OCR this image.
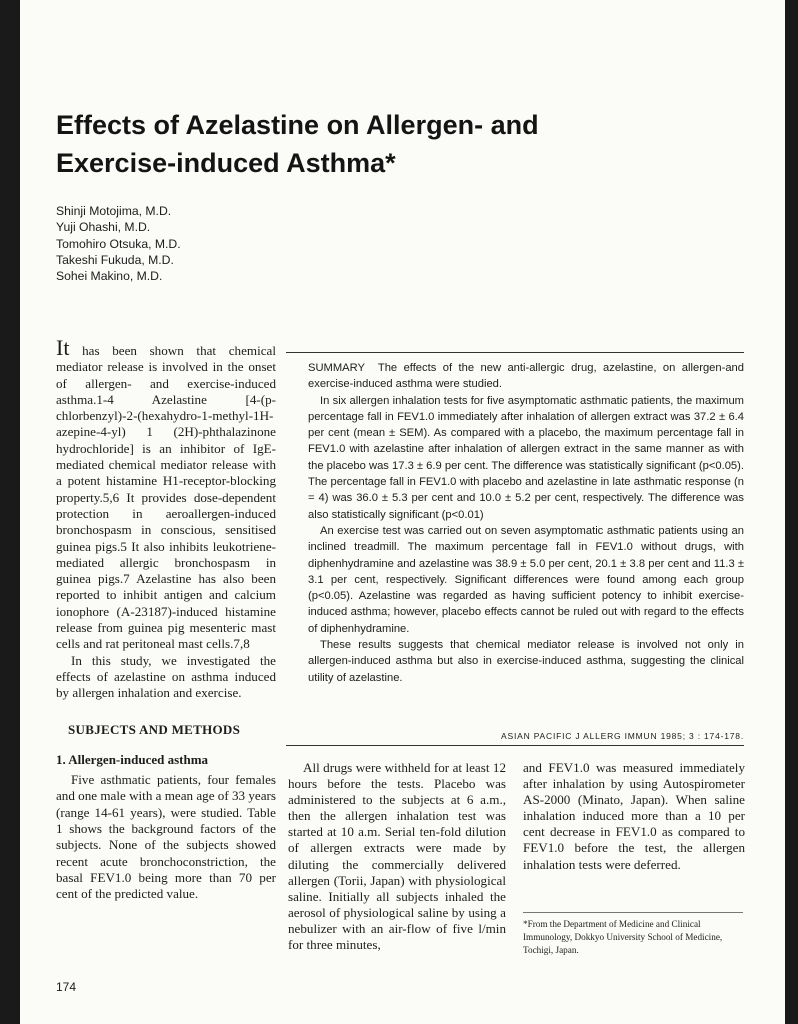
Effects of Azelastine on Allergen- and Exercise-induced Asthma*
Shinji Motojima, M.D.
Yuji Ohashi, M.D.
Tomohiro Otsuka, M.D.
Takeshi Fukuda, M.D.
Sohei Makino, M.D.

It has been shown that chemical mediator release is involved in the onset of allergen- and exercise-induced asthma.1-4 Azelastine [4-(p-chlorbenzyl)-2-(hexahydro-1-methyl-1H-azepine-4-yl) 1 (2H)-phthalazinone hydrochloride] is an inhibitor of IgE-mediated chemical mediator release with a potent histamine H1-receptor-blocking property.5,6 It provides dose-dependent protection in aeroallergen-induced bronchospasm in conscious, sensitised guinea pigs.5 It also inhibits leukotriene-mediated allergic bronchospasm in guinea pigs.7 Azelastine has also been reported to inhibit antigen and calcium ionophore (A-23187)-induced histamine release from guinea pig mesenteric mast cells and rat peritoneal mast cells.7,8

In this study, we investigated the effects of azelastine on asthma induced by allergen inhalation and exercise.

SUBJECTS AND METHODS
1. Allergen-induced asthma

Five asthmatic patients, four females and one male with a mean age of 33 years (range 14-61 years), were studied. Table 1 shows the background factors of the subjects. None of the subjects showed recent acute bronchoconstriction, the basal FEV1.0 being more than 70 per cent of the predicted value.

SUMMARY The effects of the new anti-allergic drug, azelastine, on allergen-and exercise-induced asthma were studied.

In six allergen inhalation tests for five asymptomatic asthmatic patients, the maximum percentage fall in FEV1.0 immediately after inhalation of allergen extract was 37.2 ± 6.4 per cent (mean ± SEM). As compared with a placebo, the maximum percentage fall in FEV1.0 with azelastine after inhalation of allergen extract in the same manner as with the placebo was 17.3 ± 6.9 per cent. The difference was statistically significant (p<0.05). The percentage fall in FEV1.0 with placebo and azelastine in late asthmatic response (n = 4) was 36.0 ± 5.3 per cent and 10.0 ± 5.2 per cent, respectively. The difference was also statistically significant (p<0.01)

An exercise test was carried out on seven asymptomatic asthmatic patients using an inclined treadmill. The maximum percentage fall in FEV1.0 without drugs, with diphenhydramine and azelastine was 38.9 ± 5.0 per cent, 20.1 ± 3.8 per cent and 11.3 ± 3.1 per cent, respectively. Significant differences were found among each group (p<0.05). Azelastine was regarded as having sufficient potency to inhibit exercise-induced asthma; however, placebo effects cannot be ruled out with regard to the effects of diphenhydramine.

These results suggests that chemical mediator release is involved not only in allergen-induced asthma but also in exercise-induced asthma, suggesting the clinical utility of azelastine.

ASIAN PACIFIC J ALLERG IMMUN 1985; 3 : 174-178.
All drugs were withheld for at least 12 hours before the tests. Placebo was administered to the subjects at 6 a.m., then the allergen inhalation test was started at 10 a.m. Serial ten-fold dilution of allergen extracts were made by diluting the commercially delivered allergen (Torii, Japan) with physiological saline. Initially all subjects inhaled the aerosol of physiological saline by using a nebulizer with an air-flow of five l/min for three minutes,
and FEV1.0 was measured immediately after inhalation by using Autospirometer AS-2000 (Minato, Japan). When saline inhalation induced more than a 10 per cent decrease in FEV1.0 as compared to FEV1.0 before the test, the allergen inhalation tests were deferred.
*From the Department of Medicine and Clinical Immunology, Dokkyo University School of Medicine, Tochigi, Japan.
174
